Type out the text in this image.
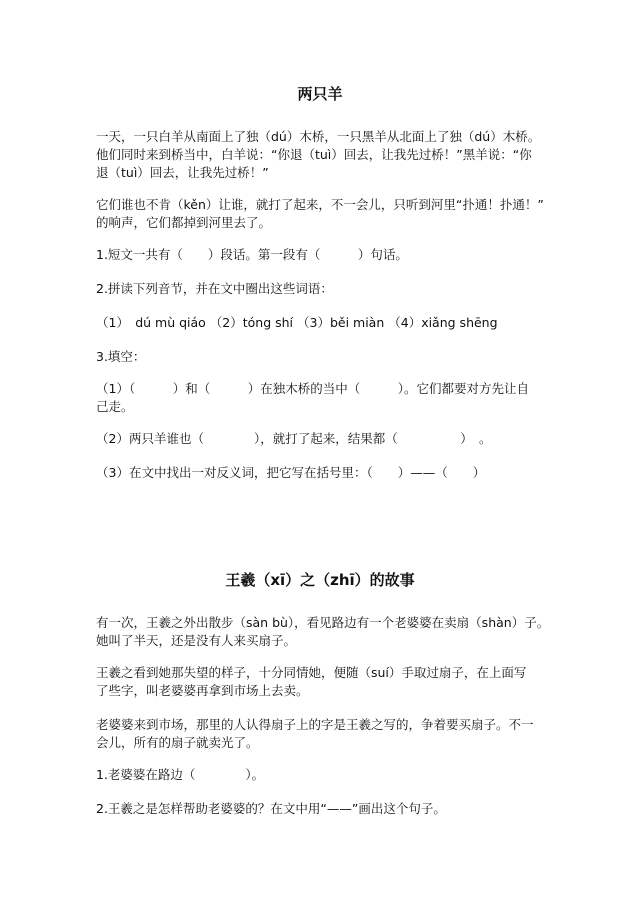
两只羊

一天，一只白羊从南面上了独（dú）木桥，一只黑羊从北面上了独（dú）木桥。

他们同时来到桥当中，白羊说：“你退（tuì）回去，让我先过桥！”黑羊说：“你

退（tuì）回去，让我先过桥！”

它们谁也不肯（kěn）让谁，就打了起来，不一会儿，只听到河里“扑通！扑通！”

的响声，它们都掉到河里去了。

1.短文一共有（　　）段话。第一段有（　　　）句话。

2.拼读下列音节，并在文中圈出这些词语：

（1）　dú mù qiáo （2）tóng shí （3）běi miàn （4）xiǎng shēng

3.填空：

（1）（　　　）和（　　　）在独木桥的当中（　　　）。它们都要对方先让自

己走。

（2）两只羊谁也（　　　　），就打了起来，结果都（　　　　　）　。

（3）在文中找出一对反义词，把它写在括号里：（　　）——（　　）

王羲（xī）之（zhī）的故事

有一次，王羲之外出散步（sàn bù），看见路边有一个老婆婆在卖扇（shàn）子。

她叫了半天，还是没有人来买扇子。

王羲之看到她那失望的样子，十分同情她，便随（suí）手取过扇子，在上面写

了些字，叫老婆婆再拿到市场上去卖。

老婆婆来到市场，那里的人认得扇子上的字是王羲之写的，争着要买扇子。不一

会儿，所有的扇子就卖光了。

1.老婆婆在路边（　　　　）。

2.王羲之是怎样帮助老婆婆的？在文中用“——”画出这个句子。
